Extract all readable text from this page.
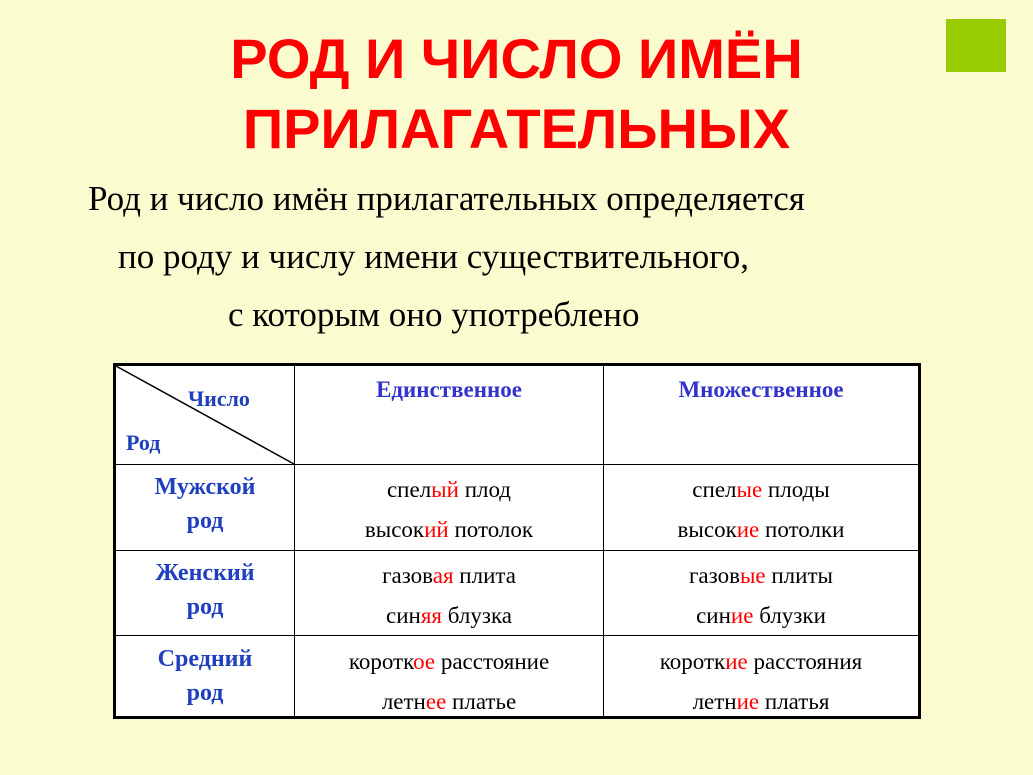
РОД И ЧИСЛО ИМЁН
ПРИЛАГАТЕЛЬНЫХ
Род и число имён прилагательных определяется
по роду и числу имени существительного,
с которым оно употреблено
Число
Род
Единственное	Множественное
Мужской
род
Женский
род
Средний
род
спелый плод
высокий потолок
спелые плоды
высокие потолки
газовая плита
синяя блузка
газовые плиты
синие блузки
короткое расстояние
летнее платье
короткие расстояния
летние платья
